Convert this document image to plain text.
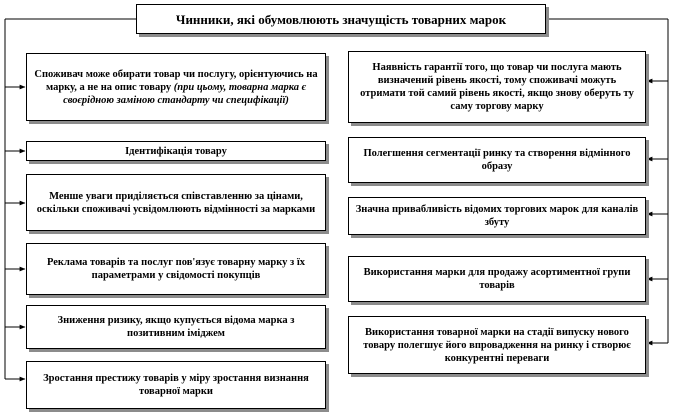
Чинники, які обумовлюють значущість товарних марок
Споживач може обирати товар чи послугу, орієнтуючись на марку, а не на опис товару (при цьому, товарна марка є своєрідною заміною стандарту чи специфікації)
Ідентифікація товару
Менше уваги приділяється співставленню за цінами, оскільки споживачі усвідомлюють відмінності за марками
Реклама товарів та послуг пов'язує товарну марку з їх параметрами у свідомості покупців
Зниження ризику, якщо купується відома марка з позитивним іміджем
Зростання престижу товарів у міру зростання визнання товарної марки
Наявність гарантії того, що товар чи послуга мають визначений рівень якості, тому споживачі можуть отримати той самий рівень якості, якщо знову оберуть ту саму торгову марку
Полегшення сегментації ринку та створення відмінного образу
Значна привабливість відомих торгових марок для каналів збуту
Використання марки для продажу асортиментної групи товарів
Використання товарної марки на стадії випуску нового товару полегшує його впровадження на ринку і створює конкурентні переваги
